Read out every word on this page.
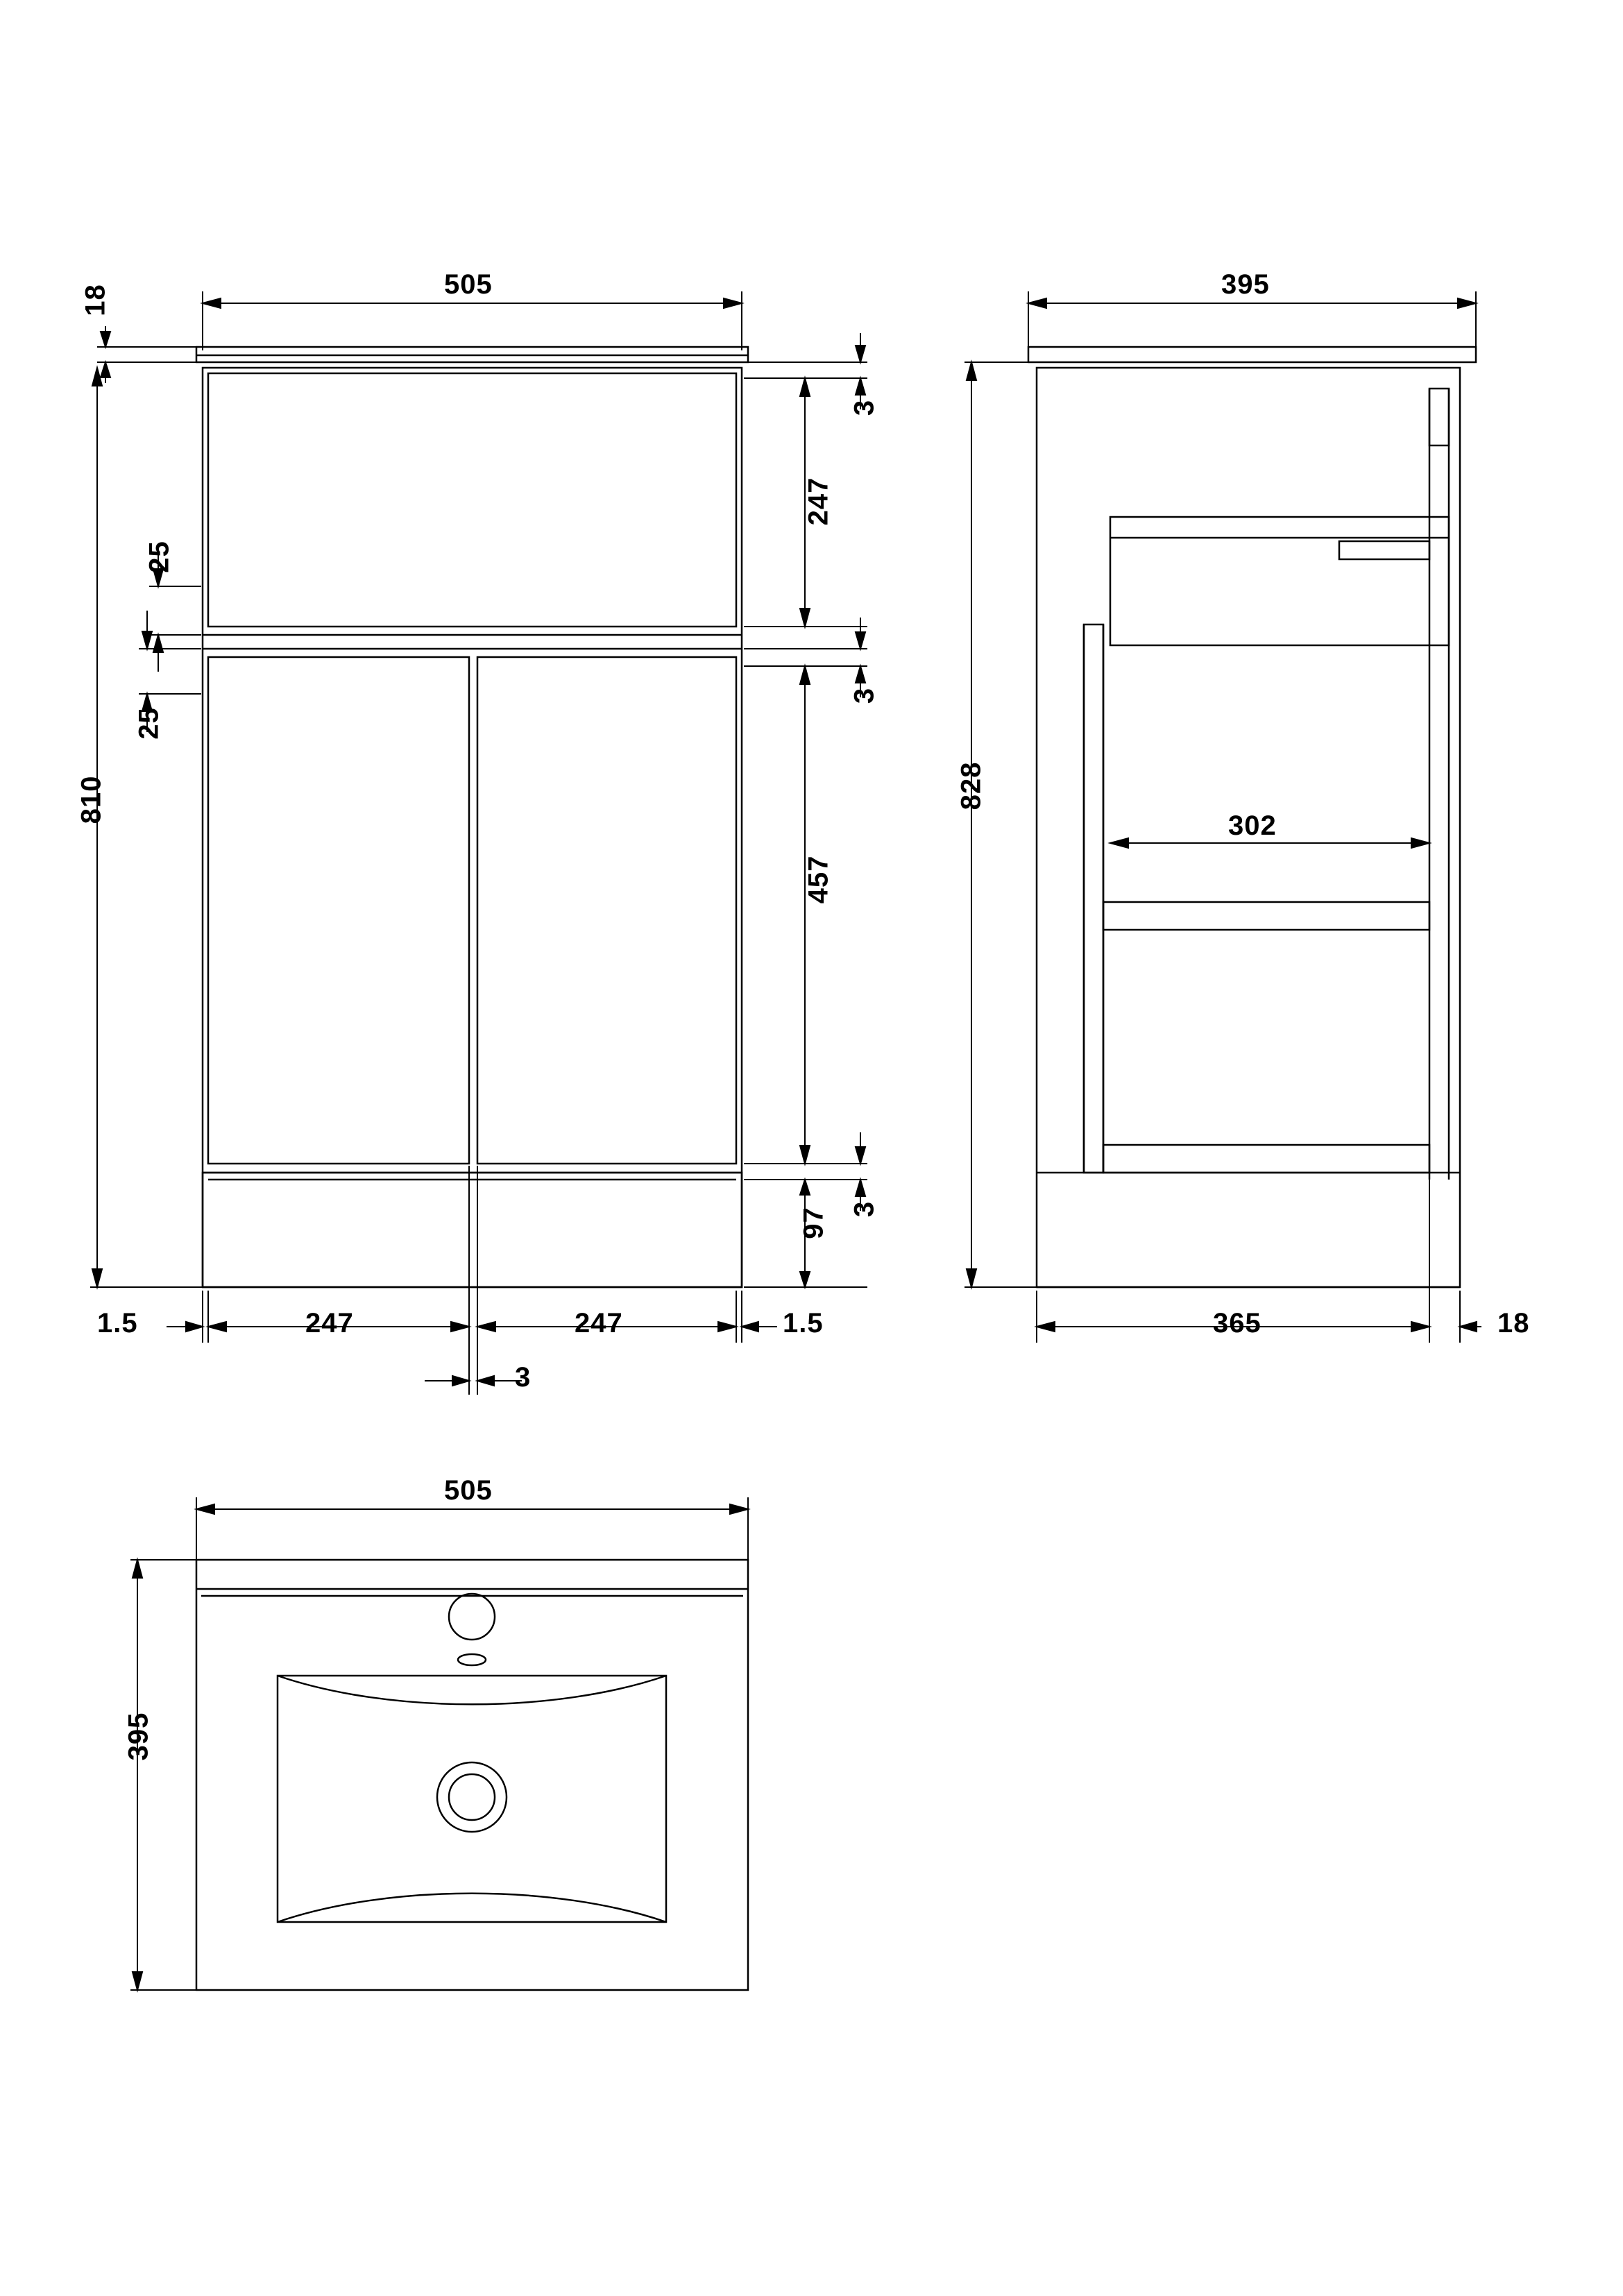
505
18
810
25
25
3
247
3
457
3
97
1.5	247	247	1.5
3
395
828
302
365	18
505
395
